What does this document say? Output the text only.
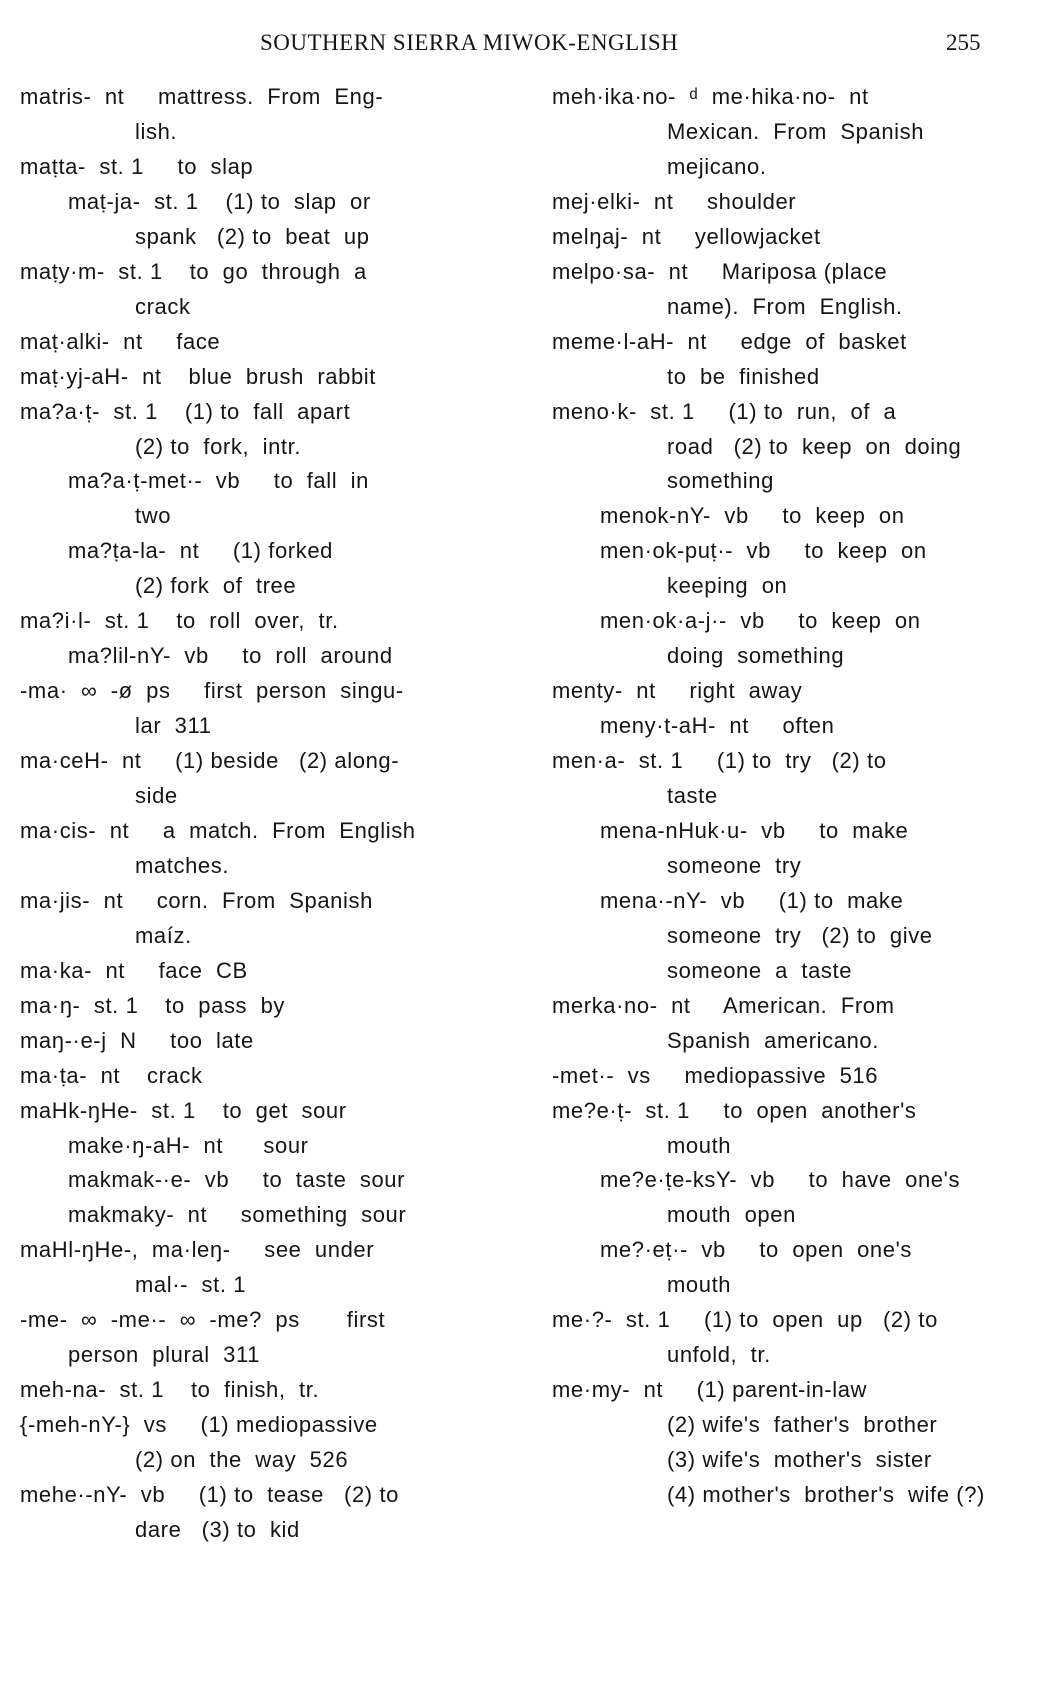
SOUTHERN SIERRA MIWOK-ENGLISH	255
matris-  nt     mattress.  From  Eng-
lish.
maṭta-  st. 1     to  slap
maṭ-ja-  st. 1    (1) to  slap  or
spank   (2) to  beat  up
maṭy·m-  st. 1    to  go  through  a
crack
maṭ·alki-  nt     face
maṭ·yj-aH-  nt    blue  brush  rabbit
ma?a·ṭ-  st. 1    (1) to  fall  apart
(2) to  fork,  intr.
ma?a·ṭ-met·-  vb     to  fall  in
two
ma?ṭa-la-  nt     (1) forked
(2) fork  of  tree
ma?i·l-  st. 1    to  roll  over,  tr.
ma?lil-nY-  vb     to  roll  around
-ma·  ∞  -ø  ps     first  person  singu-
lar  311
ma·ceH-  nt     (1) beside   (2) along-
side
ma·cis-  nt     a  match.  From  English
matches.
ma·jis-  nt     corn.  From  Spanish
maíz.
ma·ka-  nt     face  CB
ma·ŋ-  st. 1    to  pass  by
maŋ-·e-j  N     too  late
ma·ṭa-  nt    crack
maHk-ŋHe-  st. 1    to  get  sour
make·ŋ-aH-  nt      sour
makmak-·e-  vb     to  taste  sour
makmaky-  nt     something  sour
maHl-ŋHe-,  ma·leŋ-     see  under
mal·-  st. 1
-me-  ∞  -me·-  ∞  -me?  ps       first
person  plural  311
meh-na-  st. 1    to  finish,  tr.
{-meh-nY-}  vs     (1) mediopassive
(2) on  the  way  526
mehe·-nY-  vb     (1) to  tease   (2) to
dare   (3) to  kid
meh·ika·no-  ᵈ  me·hika·no-  nt
Mexican.  From  Spanish
mejicano.
mej·elki-  nt     shoulder
melŋaj-  nt     yellowjacket
melpo·sa-  nt     Mariposa (place
name).  From  English.
meme·l-aH-  nt     edge  of  basket
to  be  finished
meno·k-  st. 1     (1) to  run,  of  a
road   (2) to  keep  on  doing
something
menok-nY-  vb     to  keep  on
men·ok-puṭ·-  vb     to  keep  on
keeping  on
men·ok·a-j·-  vb     to  keep  on
doing  something
menty-  nt     right  away
meny·t-aH-  nt     often
men·a-  st. 1     (1) to  try   (2) to
taste
mena-nHuk·u-  vb     to  make
someone  try
mena·-nY-  vb     (1) to  make
someone  try   (2) to  give
someone  a  taste
merka·no-  nt     American.  From
Spanish  americano.
-met·-  vs     mediopassive  516
me?e·ṭ-  st. 1     to  open  another's
mouth
me?e·ṭe-ksY-  vb     to  have  one's
mouth  open
me?·eṭ·-  vb     to  open  one's
mouth
me·?-  st. 1     (1) to  open  up   (2) to
unfold,  tr.
me·my-  nt     (1) parent-in-law
(2) wife's  father's  brother
(3) wife's  mother's  sister
(4) mother's  brother's  wife (?)
